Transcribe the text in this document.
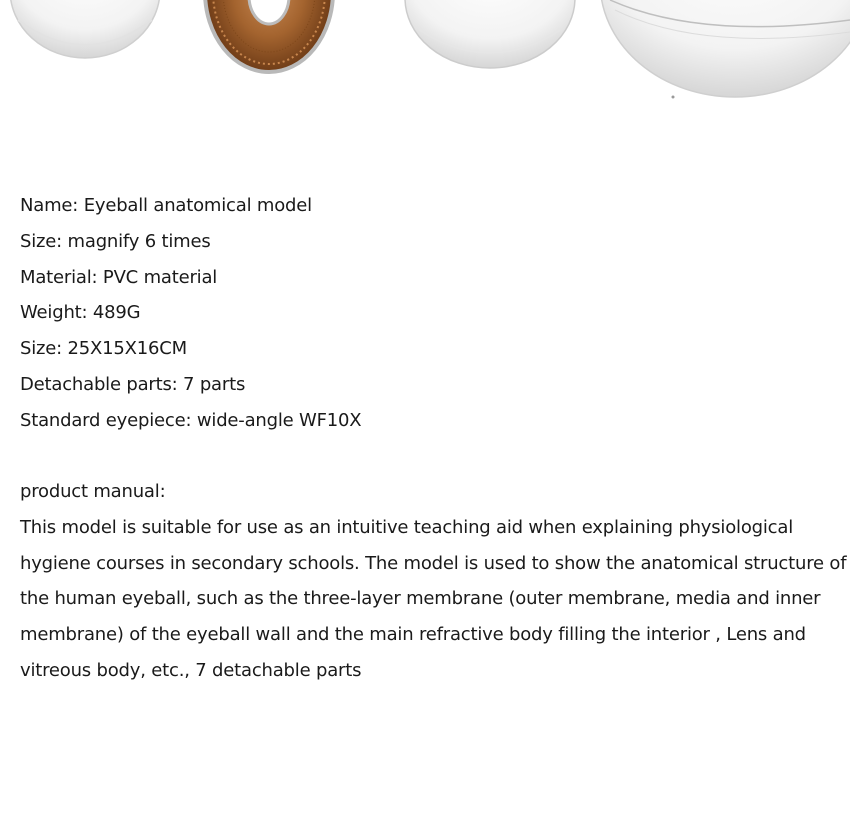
Name: Eyeball anatomical model
Size: magnify 6 times
Material: PVC material
Weight: 489G
Size: 25X15X16CM
Detachable parts: 7 parts
Standard eyepiece: wide-angle WF10X
product manual:

This model is suitable for use as an intuitive teaching aid when explaining physiological hygiene courses in secondary schools. The model is used to show the anatomical structure of the human eyeball, such as the three-layer membrane (outer membrane, media and inner membrane) of the eyeball wall and the main refractive body filling the interior , Lens and vitreous body, etc., 7 detachable parts
